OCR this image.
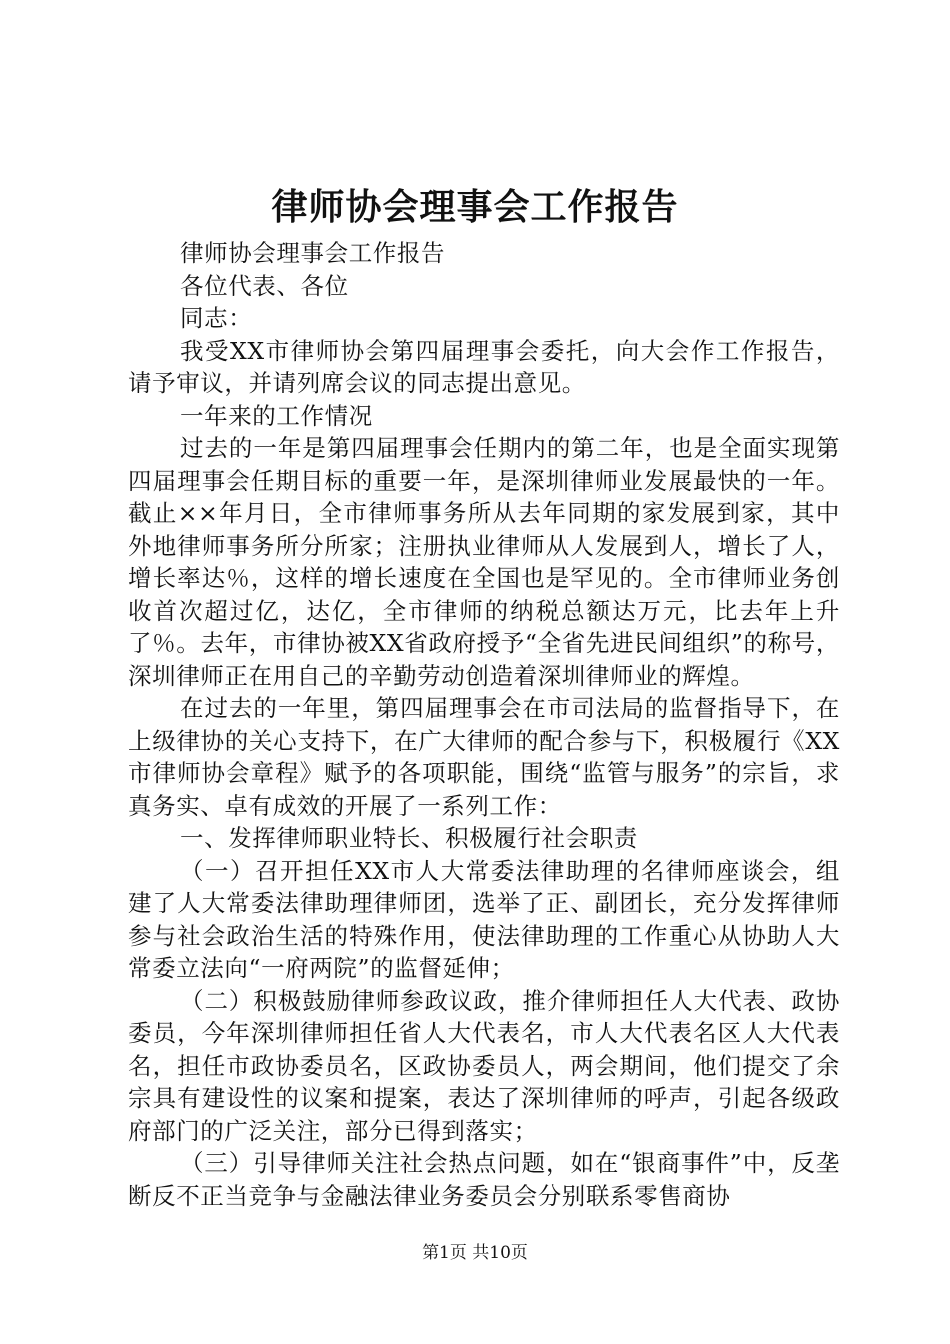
律师协会理事会工作报告

律师协会理事会工作报告

各位代表、各位

同志：

我受XX市律师协会第四届理事会委托，向大会作工作报告，请予审议，并请列席会议的同志提出意见。

一年来的工作情况

过去的一年是第四届理事会任期内的第二年，也是全面实现第四届理事会任期目标的重要一年，是深圳律师业发展最快的一年。截止××年月日，全市律师事务所从去年同期的家发展到家，其中外地律师事务所分所家；注册执业律师从人发展到人，增长了人，增长率达％，这样的增长速度在全国也是罕见的。全市律师业务创收首次超过亿，达亿，全市律师的纳税总额达万元，比去年上升了％。去年，市律协被XX省政府授予“全省先进民间组织”的称号，深圳律师正在用自己的辛勤劳动创造着深圳律师业的辉煌。

在过去的一年里，第四届理事会在市司法局的监督指导下，在上级律协的关心支持下，在广大律师的配合参与下，积极履行《XX市律师协会章程》赋予的各项职能，围绕“监管与服务”的宗旨，求真务实、卓有成效的开展了一系列工作：

一、发挥律师职业特长、积极履行社会职责

（一）召开担任XX市人大常委法律助理的名律师座谈会，组建了人大常委法律助理律师团，选举了正、副团长，充分发挥律师参与社会政治生活的特殊作用，使法律助理的工作重心从协助人大常委立法向“一府两院”的监督延伸；

（二）积极鼓励律师参政议政，推介律师担任人大代表、政协委员，今年深圳律师担任省人大代表名，市人大代表名区人大代表名，担任市政协委员名，区政协委员人，两会期间，他们提交了余宗具有建设性的议案和提案，表达了深圳律师的呼声，引起各级政府部门的广泛关注，部分已得到落实；

（三）引导律师关注社会热点问题，如在“银商事件”中，反垄断反不正当竞争与金融法律业务委员会分别联系零售商协

第1页 共10页
